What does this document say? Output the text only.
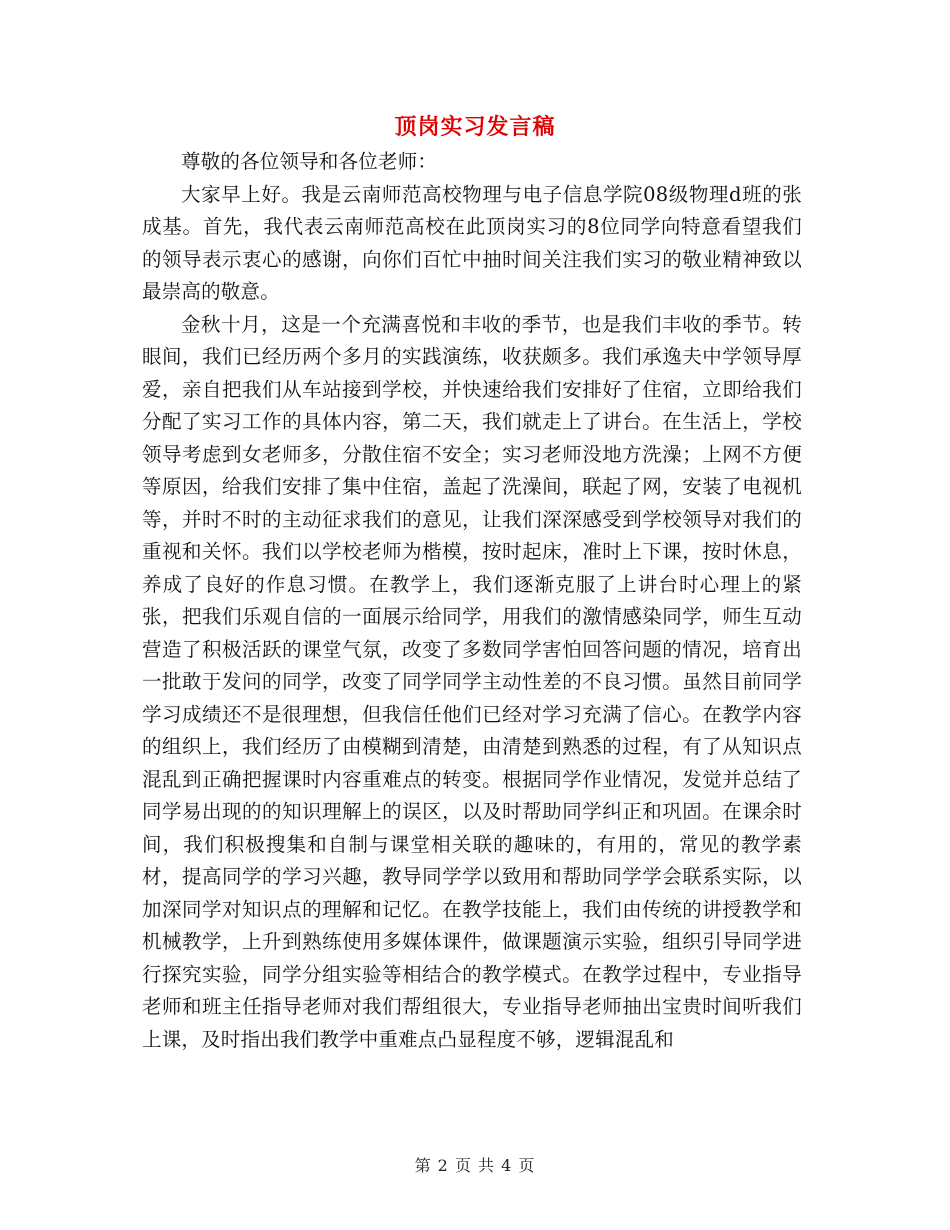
顶岗实习发言稿

尊敬的各位领导和各位老师：

大家早上好。我是云南师范高校物理与电子信息学院08级物理d班的张成基。首先，我代表云南师范高校在此顶岗实习的8位同学向特意看望我们的领导表示衷心的感谢，向你们百忙中抽时间关注我们实习的敬业精神致以最崇高的敬意。

金秋十月，这是一个充满喜悦和丰收的季节，也是我们丰收的季节。转眼间，我们已经历两个多月的实践演练，收获颇多。我们承逸夫中学领导厚爱，亲自把我们从车站接到学校，并快速给我们安排好了住宿，立即给我们分配了实习工作的具体内容，第二天，我们就走上了讲台。在生活上，学校领导考虑到女老师多，分散住宿不安全；实习老师没地方洗澡；上网不方便等原因，给我们安排了集中住宿，盖起了洗澡间，联起了网，安装了电视机等，并时不时的主动征求我们的意见，让我们深深感受到学校领导对我们的重视和关怀。我们以学校老师为楷模，按时起床，准时上下课，按时休息，养成了良好的作息习惯。在教学上，我们逐渐克服了上讲台时心理上的紧张，把我们乐观自信的一面展示给同学，用我们的激情感染同学，师生互动营造了积极活跃的课堂气氛，改变了多数同学害怕回答问题的情况，培育出一批敢于发问的同学，改变了同学同学主动性差的不良习惯。虽然目前同学学习成绩还不是很理想，但我信任他们已经对学习充满了信心。在教学内容的组织上，我们经历了由模糊到清楚，由清楚到熟悉的过程，有了从知识点混乱到正确把握课时内容重难点的转变。根据同学作业情况，发觉并总结了同学易出现的的知识理解上的误区，以及时帮助同学纠正和巩固。在课余时间，我们积极搜集和自制与课堂相关联的趣味的，有用的，常见的教学素材，提高同学的学习兴趣，教导同学学以致用和帮助同学学会联系实际，以加深同学对知识点的理解和记忆。在教学技能上，我们由传统的讲授教学和机械教学，上升到熟练使用多媒体课件，做课题演示实验，组织引导同学进行探究实验，同学分组实验等相结合的教学模式。在教学过程中，专业指导老师和班主任指导老师对我们帮组很大，专业指导老师抽出宝贵时间听我们上课，及时指出我们教学中重难点凸显程度不够，逻辑混乱和

第 2 页 共 4 页
